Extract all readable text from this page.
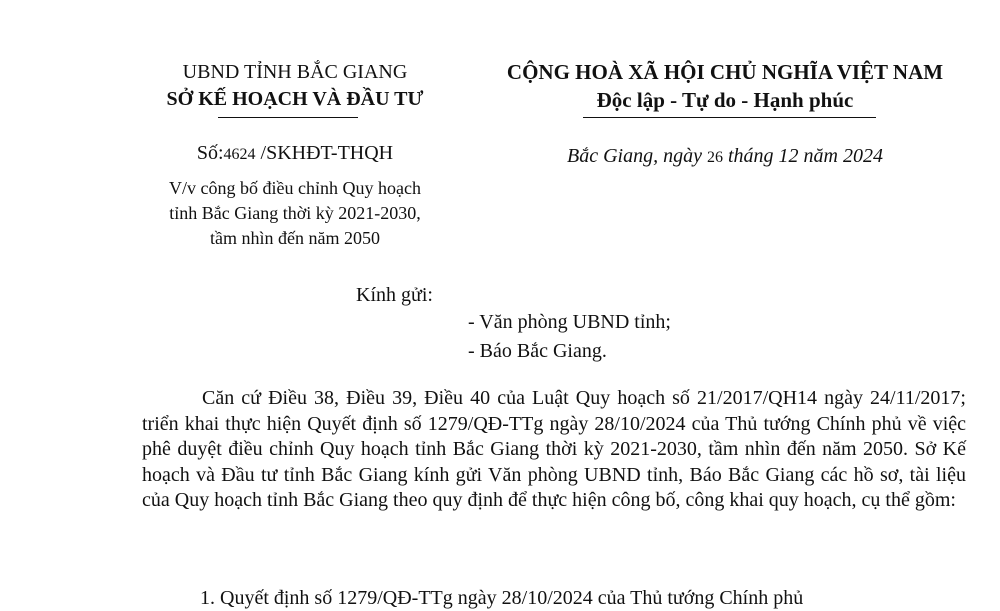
UBND TỈNH BẮC GIANG
SỞ KẾ HOẠCH VÀ ĐẦU TƯ
Số:4624 /SKHĐT-THQH
V/v công bố điều chỉnh Quy hoạch
tỉnh Bắc Giang thời kỳ 2021-2030,
tầm nhìn đến năm 2050
CỘNG HOÀ XÃ HỘI CHỦ NGHĨA VIỆT NAM
Độc lập - Tự do - Hạnh phúc
Bắc Giang, ngày 26 tháng 12 năm 2024
Kính gửi:
- Văn phòng UBND tỉnh;
- Báo Bắc Giang.
Căn cứ Điều 38, Điều 39, Điều 40 của Luật Quy hoạch số 21/2017/QH14 ngày 24/11/2017; triển khai thực hiện Quyết định số 1279/QĐ-TTg ngày 28/10/2024 của Thủ tướng Chính phủ về việc phê duyệt điều chỉnh Quy hoạch tỉnh Bắc Giang thời kỳ 2021-2030, tầm nhìn đến năm 2050. Sở Kế hoạch và Đầu tư tỉnh Bắc Giang kính gửi Văn phòng UBND tỉnh, Báo Bắc Giang các hồ sơ, tài liệu của Quy hoạch tỉnh Bắc Giang theo quy định để thực hiện công bố, công khai quy hoạch, cụ thể gồm:
1. Quyết định số 1279/QĐ-TTg ngày 28/10/2024 của Thủ tướng Chính phủ
